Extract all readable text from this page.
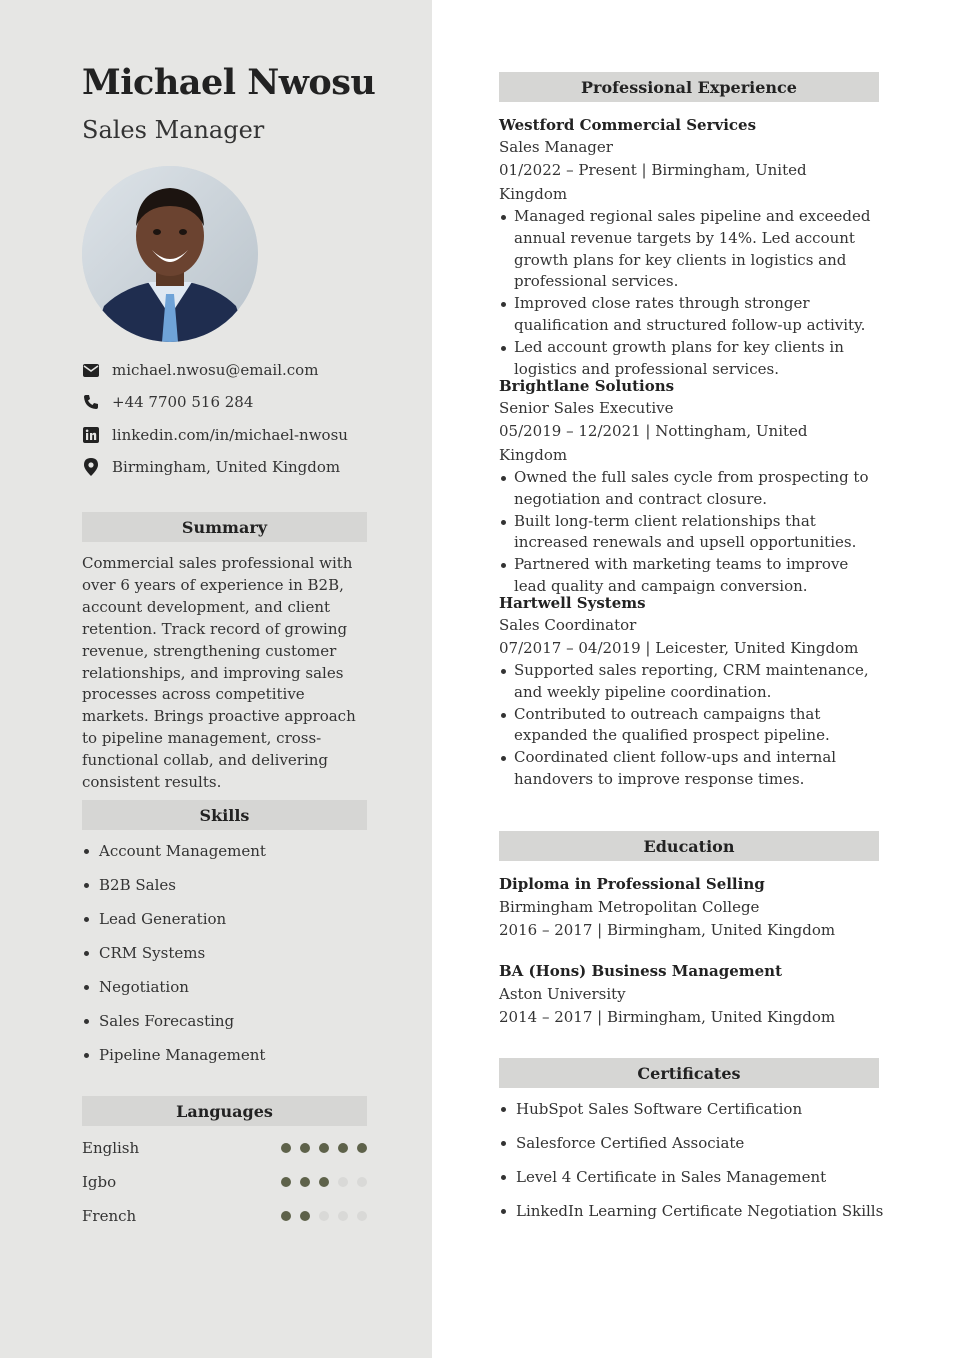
Michael Nwosu
Sales Manager
michael.nwosu@email.com
+44 7700 516 284
linkedin.com/in/michael-nwosu
Birmingham, United Kingdom
Summary
Commercial sales professional with over 6 years of experience in B2B, account development, and client retention. Track record of growing revenue, strengthening customer relationships, and improving sales processes across competitive markets. Brings proactive approach to pipeline management, cross-functional collab, and delivering consistent results.
Skills
Account Management
B2B Sales
Lead Generation
CRM Systems
Negotiation
Sales Forecasting
Pipeline Management
Languages
English
Igbo
French
Professional Experience
Westford Commercial Services
Sales Manager
01/2022 – Present | Birmingham, United Kingdom
Managed regional sales pipeline and exceeded annual revenue targets by 14%. Led account growth plans for key clients in logistics and professional services.
Improved close rates through stronger qualification and structured follow-up activity.
Led account growth plans for key clients in logistics and professional services.
Brightlane Solutions
Senior Sales Executive
05/2019 – 12/2021 | Nottingham, United Kingdom
Owned the full sales cycle from prospecting to negotiation and contract closure.
Built long-term client relationships that increased renewals and upsell opportunities.
Partnered with marketing teams to improve lead quality and campaign conversion.
Hartwell Systems
Sales Coordinator
07/2017 – 04/2019 | Leicester, United Kingdom
Supported sales reporting, CRM maintenance, and weekly pipeline coordination.
Contributed to outreach campaigns that expanded the qualified prospect pipeline.
Coordinated client follow-ups and internal handovers to improve response times.
Education
Diploma in Professional Selling
Birmingham Metropolitan College
2016 – 2017 | Birmingham, United Kingdom
BA (Hons) Business Management
Aston University
2014 – 2017 | Birmingham, United Kingdom
Certificates
HubSpot Sales Software Certification
Salesforce Certified Associate
Level 4 Certificate in Sales Management
LinkedIn Learning Certificate Negotiation Skills
